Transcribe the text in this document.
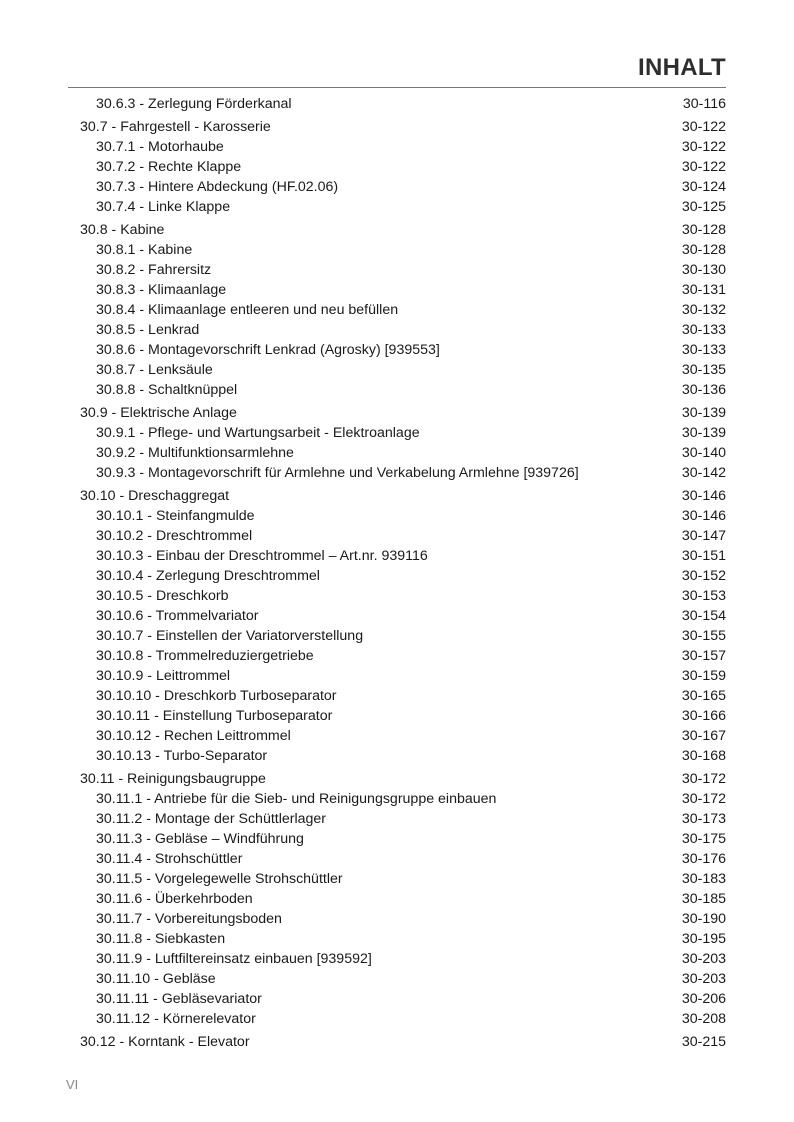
INHALT
30.6.3 - Zerlegung Förderkanal	30-116
30.7 - Fahrgestell - Karosserie	30-122
30.7.1 - Motorhaube	30-122
30.7.2 - Rechte Klappe	30-122
30.7.3 - Hintere Abdeckung (HF.02.06)	30-124
30.7.4 - Linke Klappe	30-125
30.8 - Kabine	30-128
30.8.1 - Kabine	30-128
30.8.2 - Fahrersitz	30-130
30.8.3 - Klimaanlage	30-131
30.8.4 - Klimaanlage entleeren und neu befüllen	30-132
30.8.5 - Lenkrad	30-133
30.8.6 - Montagevorschrift Lenkrad (Agrosky) [939553]	30-133
30.8.7 - Lenksäule	30-135
30.8.8 - Schaltknüppel	30-136
30.9 - Elektrische Anlage	30-139
30.9.1 - Pflege- und Wartungsarbeit - Elektroanlage	30-139
30.9.2 - Multifunktionsarmlehne	30-140
30.9.3 - Montagevorschrift für Armlehne und Verkabelung Armlehne [939726]	30-142
30.10 - Dreschaggregat	30-146
30.10.1 - Steinfangmulde	30-146
30.10.2 - Dreschtrommel	30-147
30.10.3 - Einbau der Dreschtrommel – Art.nr. 939116	30-151
30.10.4 - Zerlegung Dreschtrommel	30-152
30.10.5 - Dreschkorb	30-153
30.10.6 - Trommelvariator	30-154
30.10.7 - Einstellen der Variatorverstellung	30-155
30.10.8 - Trommelreduziergetriebe	30-157
30.10.9 - Leittrommel	30-159
30.10.10 - Dreschkorb Turboseparator	30-165
30.10.11 - Einstellung Turboseparator	30-166
30.10.12 - Rechen Leittrommel	30-167
30.10.13 - Turbo-Separator	30-168
30.11 - Reinigungsbaugruppe	30-172
30.11.1 - Antriebe für die Sieb- und Reinigungsgruppe einbauen	30-172
30.11.2 - Montage der Schüttlerlager	30-173
30.11.3 - Gebläse – Windführung	30-175
30.11.4 - Strohschüttler	30-176
30.11.5 - Vorgelegewelle Strohschüttler	30-183
30.11.6 - Überkehrboden	30-185
30.11.7 - Vorbereitungsboden	30-190
30.11.8 - Siebkasten	30-195
30.11.9 - Luftfiltereinsatz einbauen [939592]	30-203
30.11.10 - Gebläse	30-203
30.11.11 - Gebläsevariator	30-206
30.11.12 - Körnerelevator	30-208
30.12 - Korntank - Elevator	30-215
VI
